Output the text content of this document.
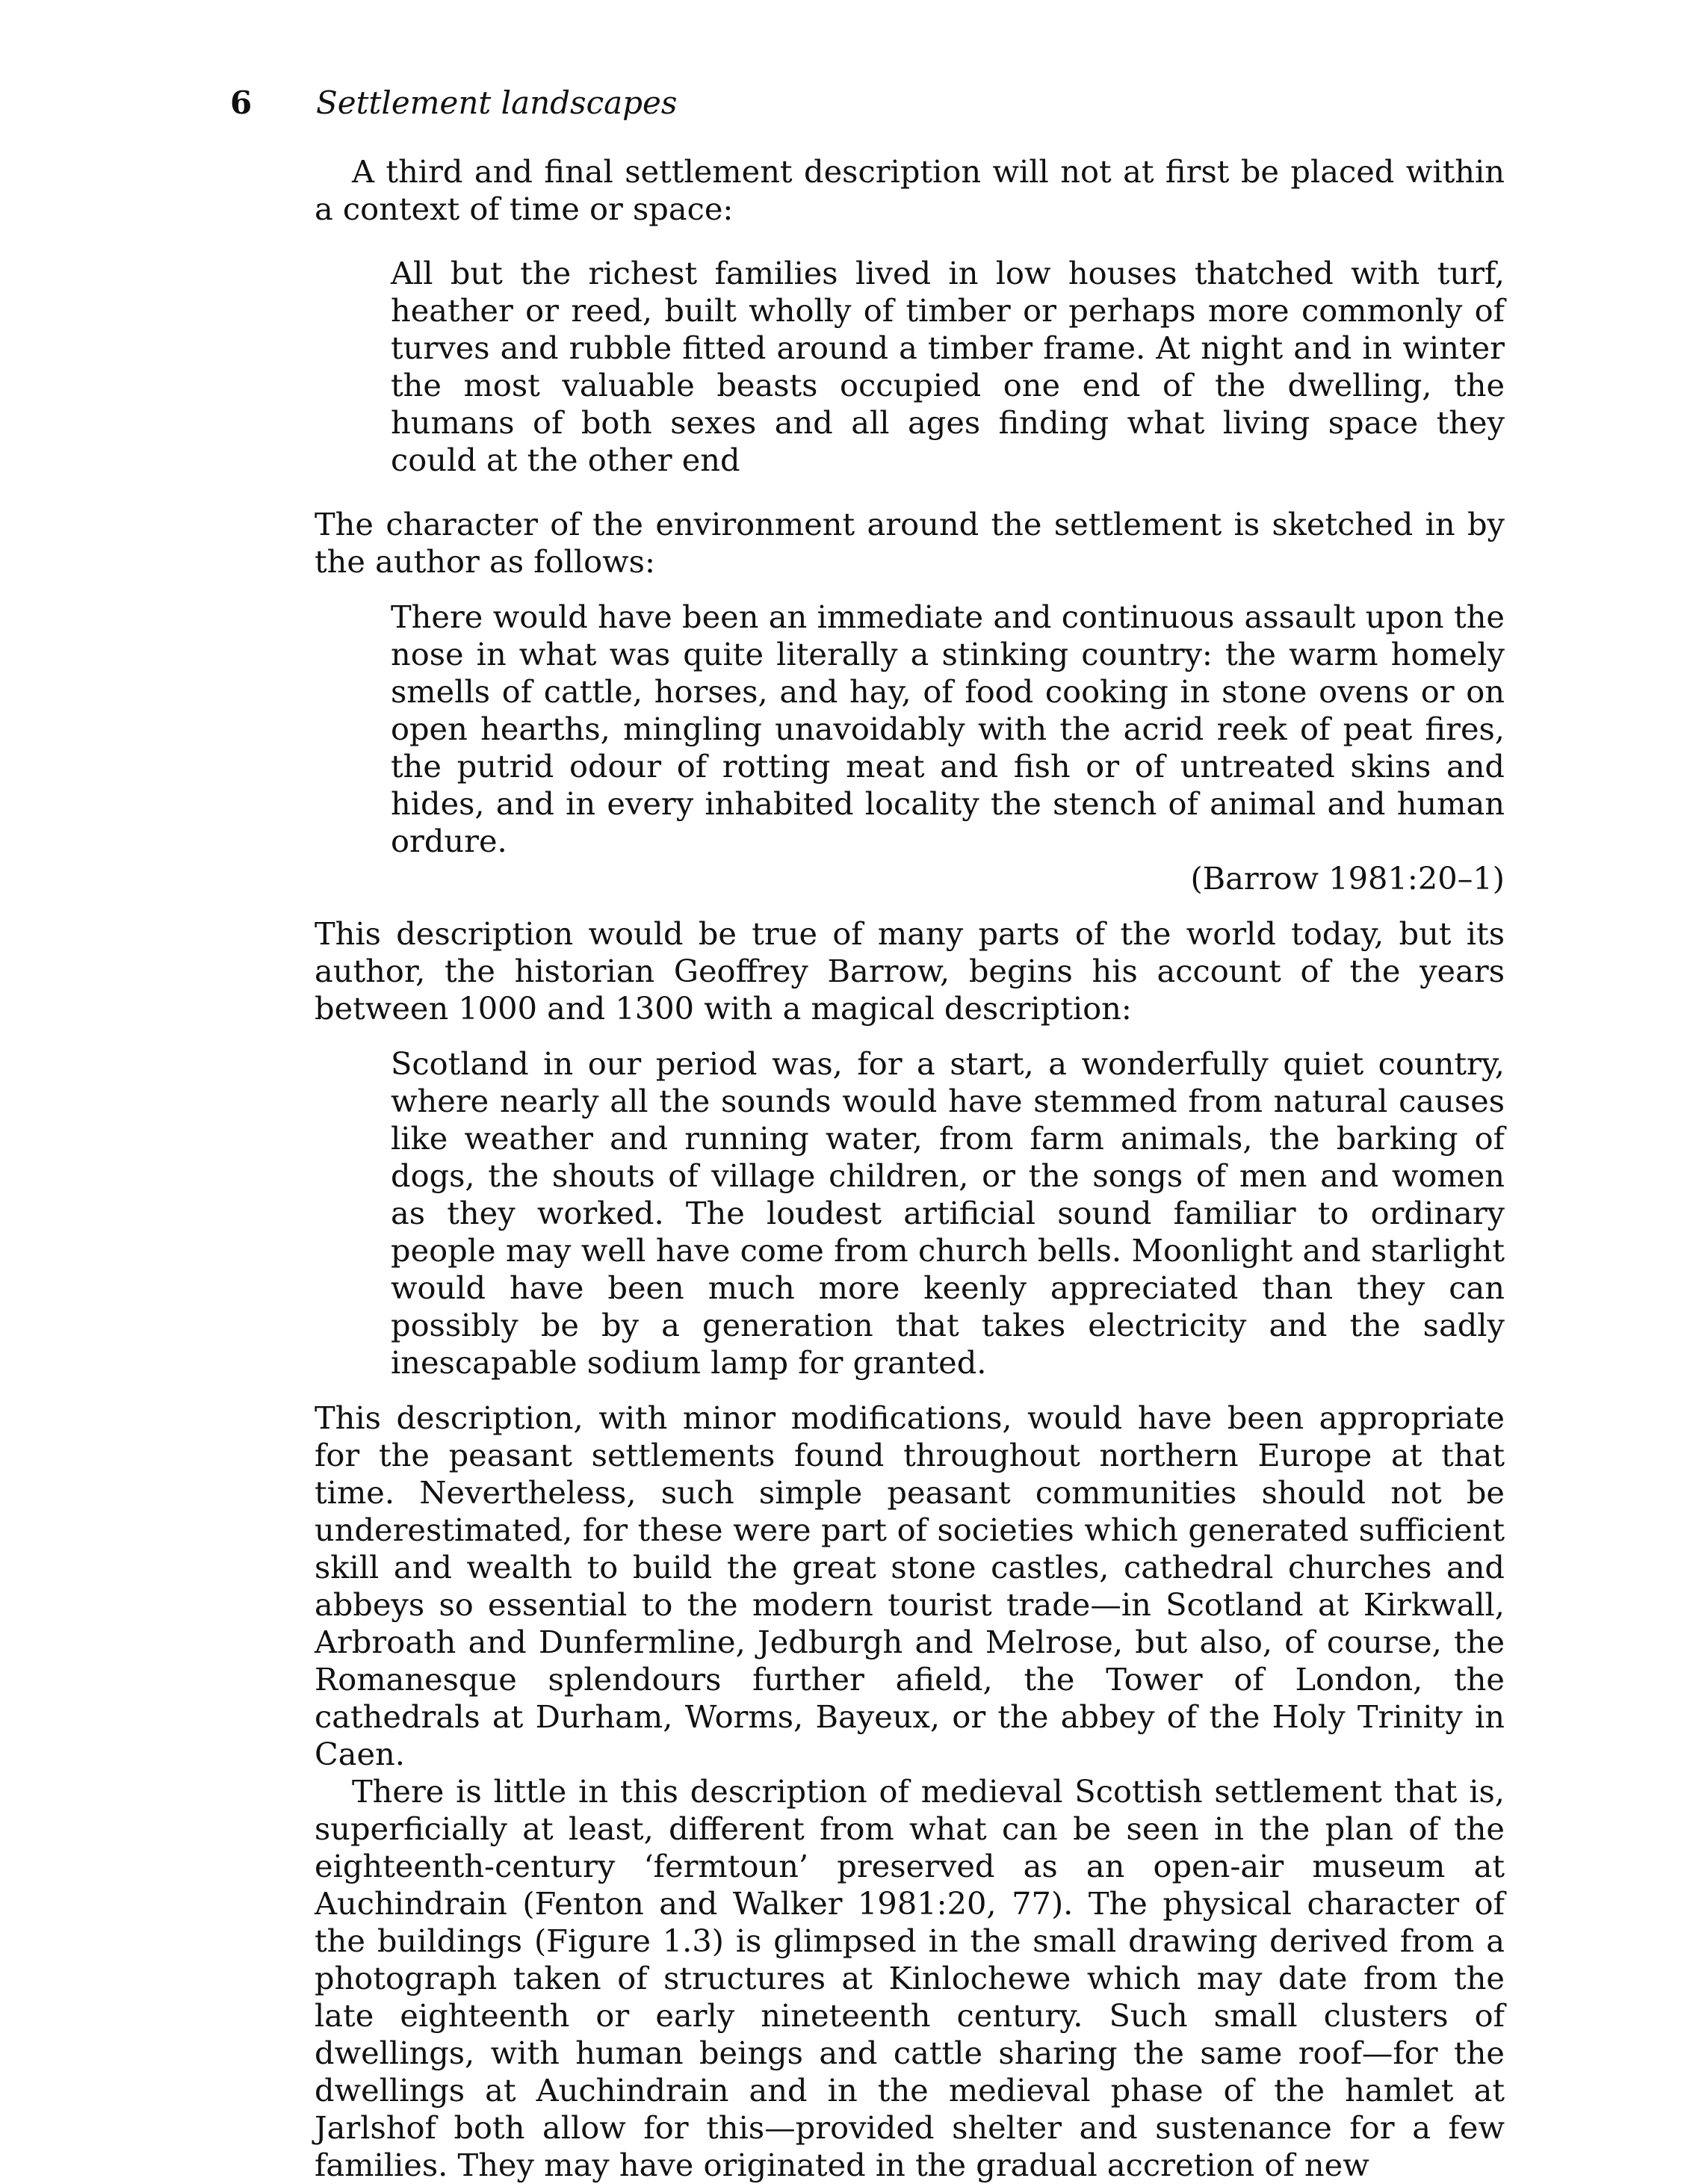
6 Settlement landscapes

A third and final settlement description will not at first be placed within a context of time or space:

All but the richest families lived in low houses thatched with turf, heather or reed, built wholly of timber or perhaps more commonly of turves and rubble fitted around a timber frame. At night and in winter the most valuable beasts occupied one end of the dwelling, the humans of both sexes and all ages finding what living space they could at the other end

The character of the environment around the settlement is sketched in by the author as follows:

There would have been an immediate and continuous assault upon the nose in what was quite literally a stinking country: the warm homely smells of cattle, horses, and hay, of food cooking in stone ovens or on open hearths, mingling unavoidably with the acrid reek of peat fires, the putrid odour of rotting meat and fish or of untreated skins and hides, and in every inhabited locality the stench of animal and human ordure.

(Barrow 1981:20–1)

This description would be true of many parts of the world today, but its author, the historian Geoffrey Barrow, begins his account of the years between 1000 and 1300 with a magical description:

Scotland in our period was, for a start, a wonderfully quiet country, where nearly all the sounds would have stemmed from natural causes like weather and running water, from farm animals, the barking of dogs, the shouts of village children, or the songs of men and women as they worked. The loudest artificial sound familiar to ordinary people may well have come from church bells. Moonlight and starlight would have been much more keenly appreciated than they can possibly be by a generation that takes electricity and the sadly inescapable sodium lamp for granted.

This description, with minor modifications, would have been appropriate for the peasant settlements found throughout northern Europe at that time. Nevertheless, such simple peasant communities should not be underestimated, for these were part of societies which generated sufficient skill and wealth to build the great stone castles, cathedral churches and abbeys so essential to the modern tourist trade—in Scotland at Kirkwall, Arbroath and Dunfermline, Jedburgh and Melrose, but also, of course, the Romanesque splendours further afield, the Tower of London, the cathedrals at Durham, Worms, Bayeux, or the abbey of the Holy Trinity in Caen.

There is little in this description of medieval Scottish settlement that is, superficially at least, different from what can be seen in the plan of the eighteenth-century ‘fermtoun’ preserved as an open-air museum at Auchindrain (Fenton and Walker 1981:20, 77). The physical character of the buildings (Figure 1.3) is glimpsed in the small drawing derived from a photograph taken of structures at Kinlochewe which may date from the late eighteenth or early nineteenth century. Such small clusters of dwellings, with human beings and cattle sharing the same roof—for the dwellings at Auchindrain and in the medieval phase of the hamlet at Jarlshof both allow for this—provided shelter and sustenance for a few families. They may have originated in the gradual accretion of new
